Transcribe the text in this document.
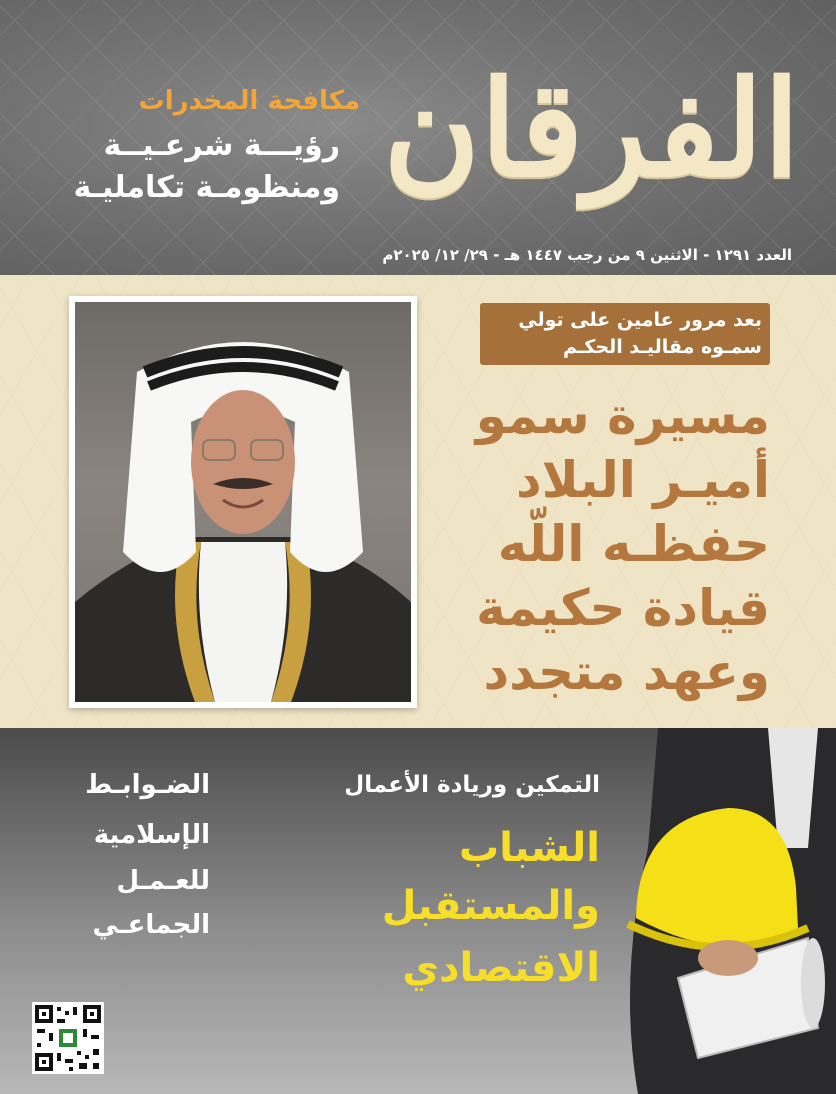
الفرقان
العدد ١٢٩١ - الاثنين ٩ من رجب ١٤٤٧ هـ - ٢٩/ ١٢/ ٢٠٢٥م
مكافحة المخدرات
رؤيـــة شرعـيــة
ومنظومـة تكامليـة
بعد مرور عامين على تولي
سمـوه مقاليـد الحكـم
مسيرة سمو
أميـر البلاد
حفظـه اللّه
قيادة حكيمة
وعهد متجدد
الضـوابـط
الإسلامية
للعـمـل
الجماعـي
التمكين وريادة الأعمال
الشباب
والمستقبل
الاقتصادي
